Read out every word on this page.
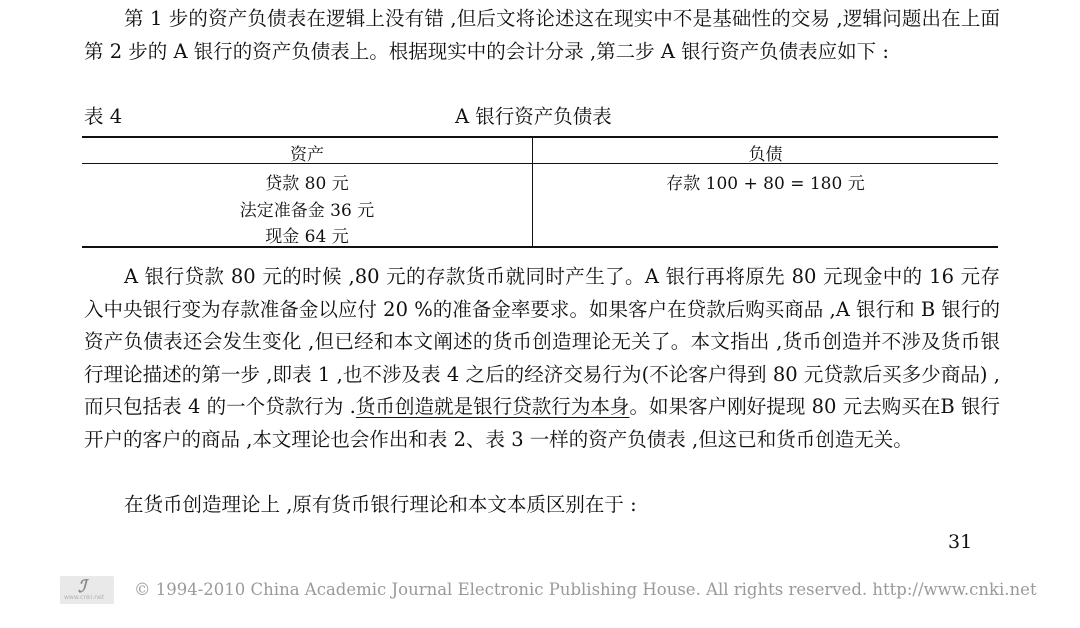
第 1 步的资产负债表在逻辑上没有错 ,但后文将论述这在现实中不是基础性的交易 ,逻辑问题出在上面第 2 步的 A 银行的资产负债表上。根据现实中的会计分录 ,第二步 A 银行资产负债表应如下 :

表 4	A 银行资产负债表
资产	负债
贷款 80 元
法定准备金 36 元
现金 64 元
存款 100 + 80 = 180 元

A 银行贷款 80 元的时候 ,80 元的存款货币就同时产生了。A 银行再将原先 80 元现金中的 16 元存入中央银行变为存款准备金以应付 20 %的准备金率要求。如果客户在贷款后购买商品 ,A 银行和 B 银行的资产负债表还会发生变化 ,但已经和本文阐述的货币创造理论无关了。本文指出 ,货币创造并不涉及货币银行理论描述的第一步 ,即表 1 ,也不涉及表 4 之后的经济交易行为(不论客户得到 80 元贷款后买多少商品) ,而只包括表 4 的一个贷款行为 .货币创造就是银行贷款行为本身。如果客户刚好提现 80 元去购买在B 银行开户的客户的商品 ,本文理论也会作出和表 2、表 3 一样的资产负债表 ,但这已和货币创造无关。

在货币创造理论上 ,原有货币银行理论和本文本质区别在于 :

31
ℐ
www.cnki.net © 1994-2010 China Academic Journal Electronic Publishing House. All rights reserved. http://www.cnki.net
